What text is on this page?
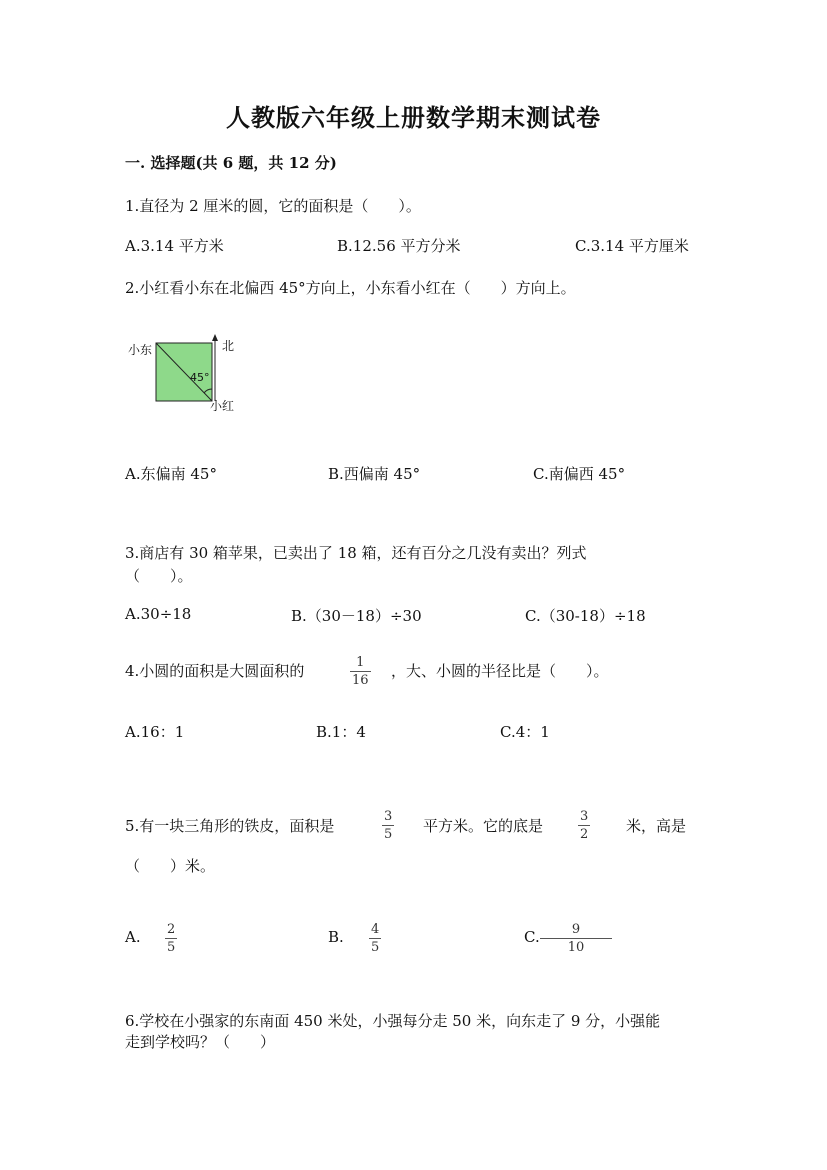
人教版六年级上册数学期末测试卷
一. 选择题(共 6 题，共 12 分)
1.直径为 2 厘米的圆，它的面积是（　　）。
A.3.14 平方米	B.12.56 平方分米	C.3.14 平方厘米
2.小红看小东在北偏西 45°方向上，小东看小红在（　　）方向上。
小东	北
小红
45°
A.东偏南 45°	B.西偏南 45°	C.南偏西 45°
3.商店有 30 箱苹果，已卖出了 18 箱，还有百分之几没有卖出？列式
（　　）。
A.30÷18	B.（30－18）÷30	C.（30-18）÷18
4.小圆的面积是大圆面积的	$\frac{1}{16}$ ，大、小圆的半径比是（　　）。
A.16：1	B.1：4	C.4：1
5.有一块三角形的铁皮，面积是	$\frac{3}{5}$ 平方米。它的底是	$\frac{3}{2}$ 米，高是
（　　）米。
A. $\frac{2}{5}$	B. $\frac{4}{5}$	C. $\frac{9}{10}$
6.学校在小强家的东南面 450 米处，小强每分走 50 米，向东走了 9 分，小强能
走到学校吗？（　　）
